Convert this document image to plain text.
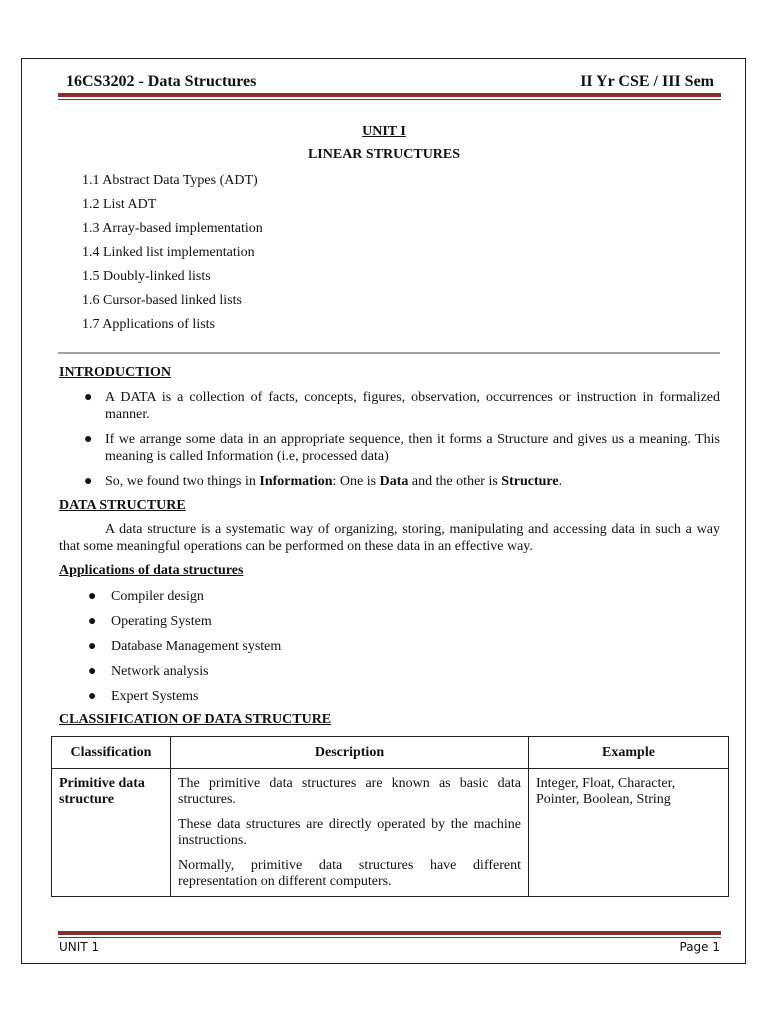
16CS3202 - Data Structures	II Yr CSE / III Sem
UNIT I
LINEAR STRUCTURES
1.1 Abstract Data Types (ADT)
1.2 List ADT
1.3 Array-based implementation
1.4 Linked list implementation
1.5 Doubly-linked lists
1.6 Cursor-based linked lists
1.7 Applications of lists
INTRODUCTION
● A DATA is a collection of facts, concepts, figures, observation, occurrences or instruction in formalized manner.
● If we arrange some data in an appropriate sequence, then it forms a Structure and gives us a meaning. This meaning is called Information (i.e, processed data)
● So, we found two things in Information: One is Data and the other is Structure.
DATA STRUCTURE

A data structure is a systematic way of organizing, storing, manipulating and accessing data in such a way that some meaningful operations can be performed on these data in an effective way.

Applications of data structures
● Compiler design
● Operating System
● Database Management system
● Network analysis
● Expert Systems
CLASSIFICATION OF DATA STRUCTURE
Classification	Description	Example
Primitive data structure	The primitive data structures are known as basic data structures.

These data structures are directly operated by the machine instructions.

Normally, primitive data structures have different representation on different computers.	Integer, Float, Character, Pointer, Boolean, String
UNIT 1	Page 1
